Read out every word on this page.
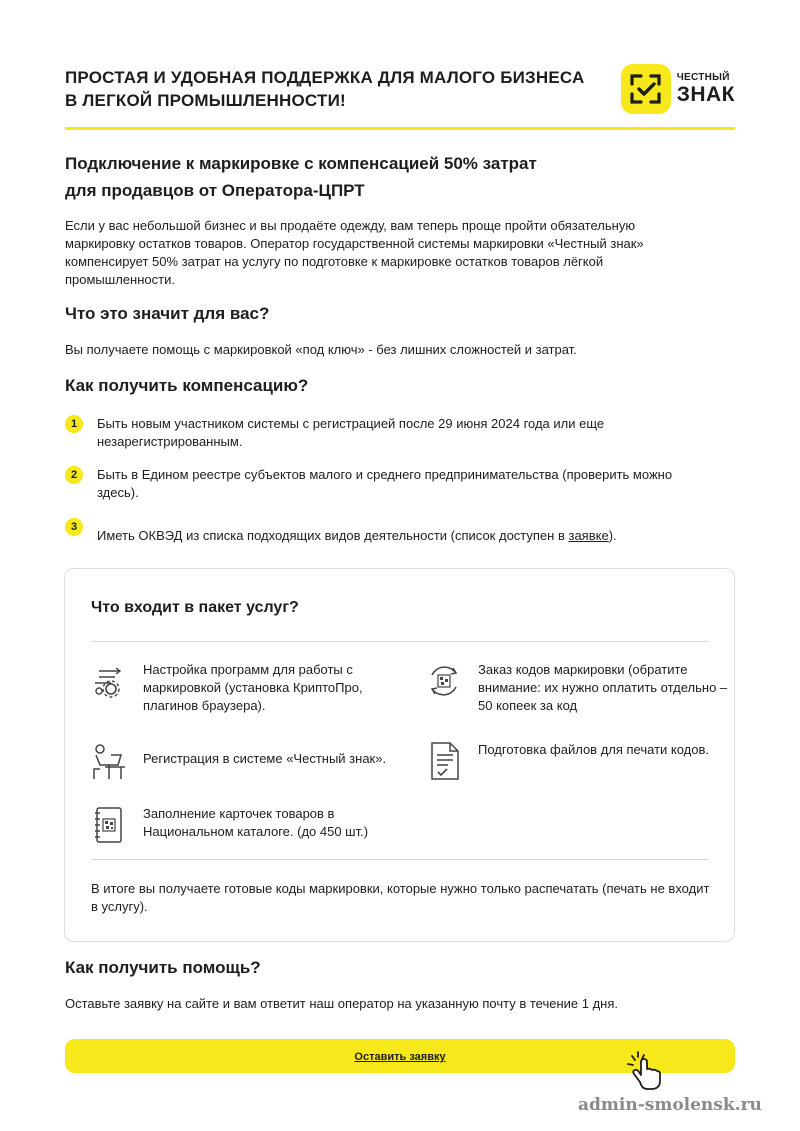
ПРОСТАЯ И УДОБНАЯ ПОДДЕРЖКА ДЛЯ МАЛОГО БИЗНЕСА В ЛЕГКОЙ ПРОМЫШЛЕННОСТИ!
ЧЕСТНЫЙ
ЗНАК
Подключение к маркировке с компенсацией 50% затрат
для продавцов от Оператора-ЦПРТ
Если у вас небольшой бизнес и вы продаёте одежду, вам теперь проще пройти обязательную маркировку остатков товаров. Оператор государственной системы маркировки «Честный знак» компенсирует 50% затрат на услугу по подготовке к маркировке остатков товаров лёгкой промышленности.
Что это значит для вас?
Вы получаете помощь с маркировкой «под ключ» - без лишних сложностей и затрат.
Как получить компенсацию?
1	Быть новым участником системы с регистрацией после 29 июня 2024 года или еще незарегистрированным.
2	Быть в Едином реестре субъектов малого и среднего предпринимательства (проверить можно здесь).
3
Иметь ОКВЭД из списка подходящих видов деятельности (список доступен в заявке).
Что входит в пакет услуг?
Настройка программ для работы с маркировкой (установка КриптоПро, плагинов браузера).
Заказ кодов маркировки (обратите внимание: их нужно оплатить отдельно – 50 копеек за код
Регистрация в системе «Честный знак».
Подготовка файлов для печати кодов.
Заполнение карточек товаров в Национальном каталоге. (до 450 шт.)
В итоге вы получаете готовые коды маркировки, которые нужно только распечатать (печать не входит в услугу).
Как получить помощь?
Оставьте заявку на сайте и вам ответит наш оператор на указанную почту в течение 1 дня.
Оставить заявку
admin-smolensk.ru
